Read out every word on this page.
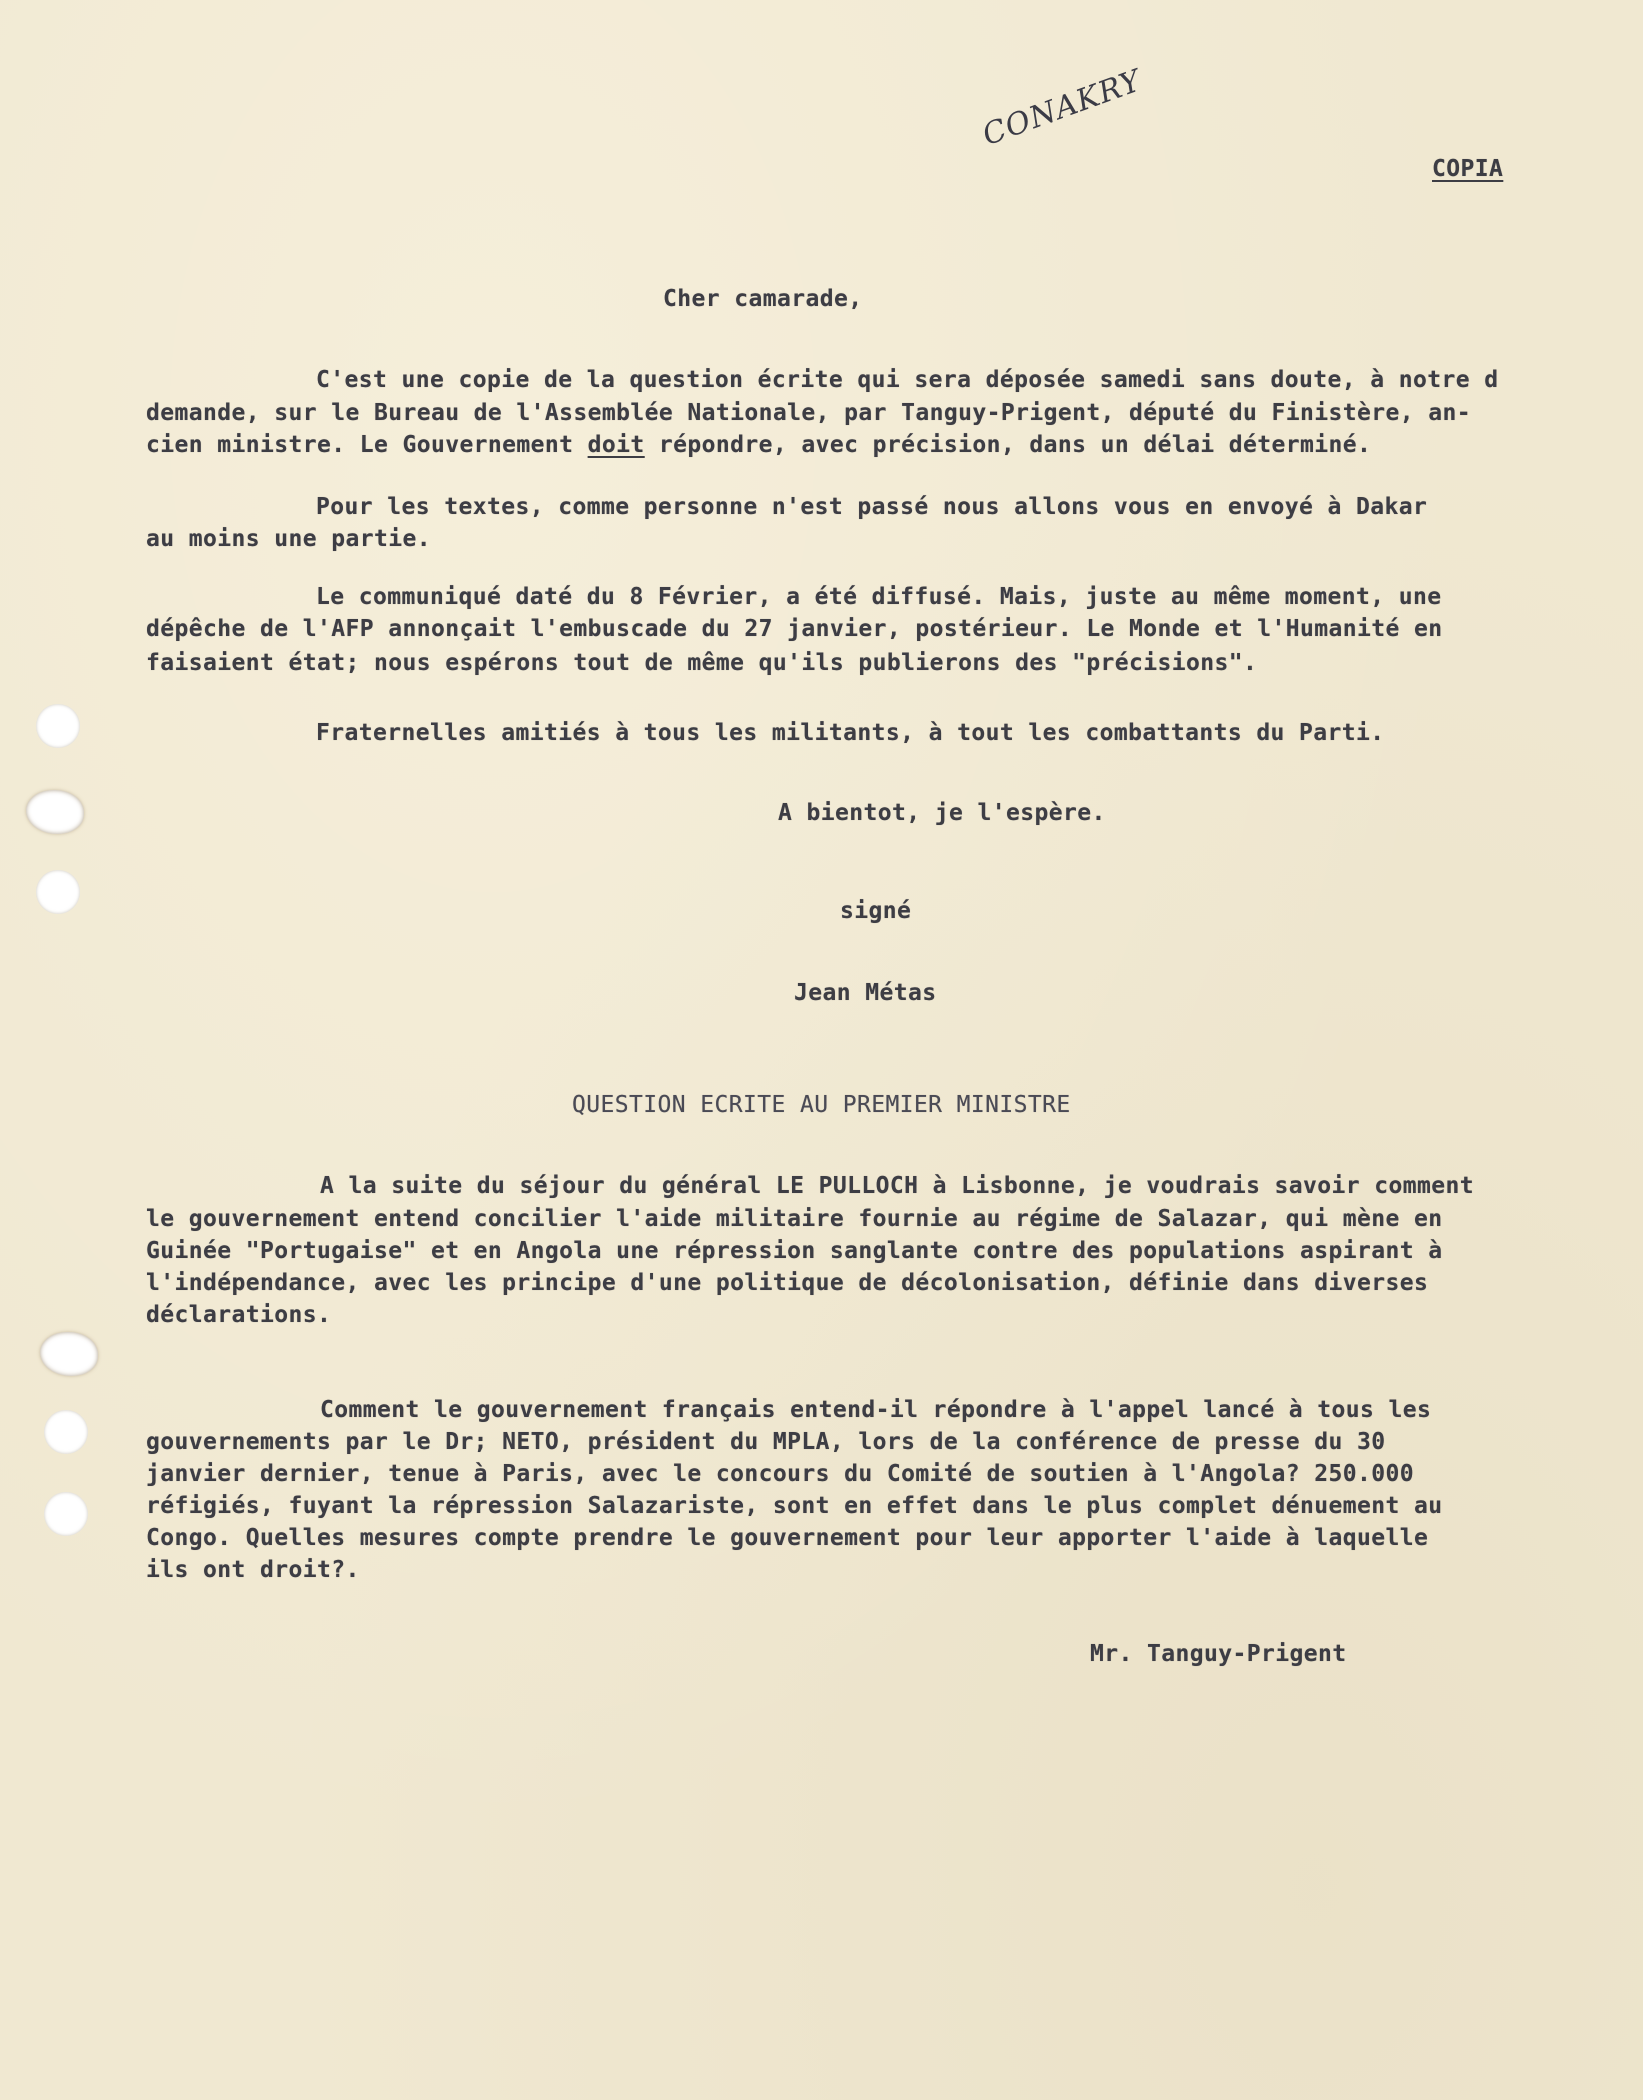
CONAKRY
COPIA
Cher camarade,
C'est une copie de la question écrite qui sera déposée samedi sans doute, à notre d
demande, sur le Bureau de l'Assemblée Nationale, par Tanguy-Prigent, député du Finistère, an-
cien ministre. Le Gouvernement doit répondre, avec précision, dans un délai déterminé.
Pour les textes, comme personne n'est passé nous allons vous en envoyé à Dakar
au moins une partie.
Le communiqué daté du 8 Février, a été diffusé. Mais, juste au même moment, une
dépêche de l'AFP annonçait l'embuscade du 27 janvier, postérieur. Le Monde et l'Humanité en
faisaient état; nous espérons tout de même qu'ils publierons des "précisions".
Fraternelles amitiés à tous les militants, à tout les combattants du Parti.
A bientot, je l'espère.
signé
Jean Métas
QUESTION ECRITE AU PREMIER MINISTRE
A la suite du séjour du général LE PULLOCH à Lisbonne, je voudrais savoir comment
le gouvernement entend concilier l'aide militaire fournie au régime de Salazar, qui mène en
Guinée "Portugaise" et en Angola une répression sanglante contre des populations aspirant à
l'indépendance, avec les principe d'une politique de décolonisation, définie dans diverses
déclarations.
Comment le gouvernement français entend-il répondre à l'appel lancé à tous les
gouvernements par le Dr; NETO, président du MPLA, lors de la conférence de presse du 30
janvier dernier, tenue à Paris, avec le concours du Comité de soutien à l'Angola? 250.000
réfigiés, fuyant la répression Salazariste, sont en effet dans le plus complet dénuement au
Congo. Quelles mesures compte prendre le gouvernement pour leur apporter l'aide à laquelle
ils ont droit?.
Mr. Tanguy-Prigent
